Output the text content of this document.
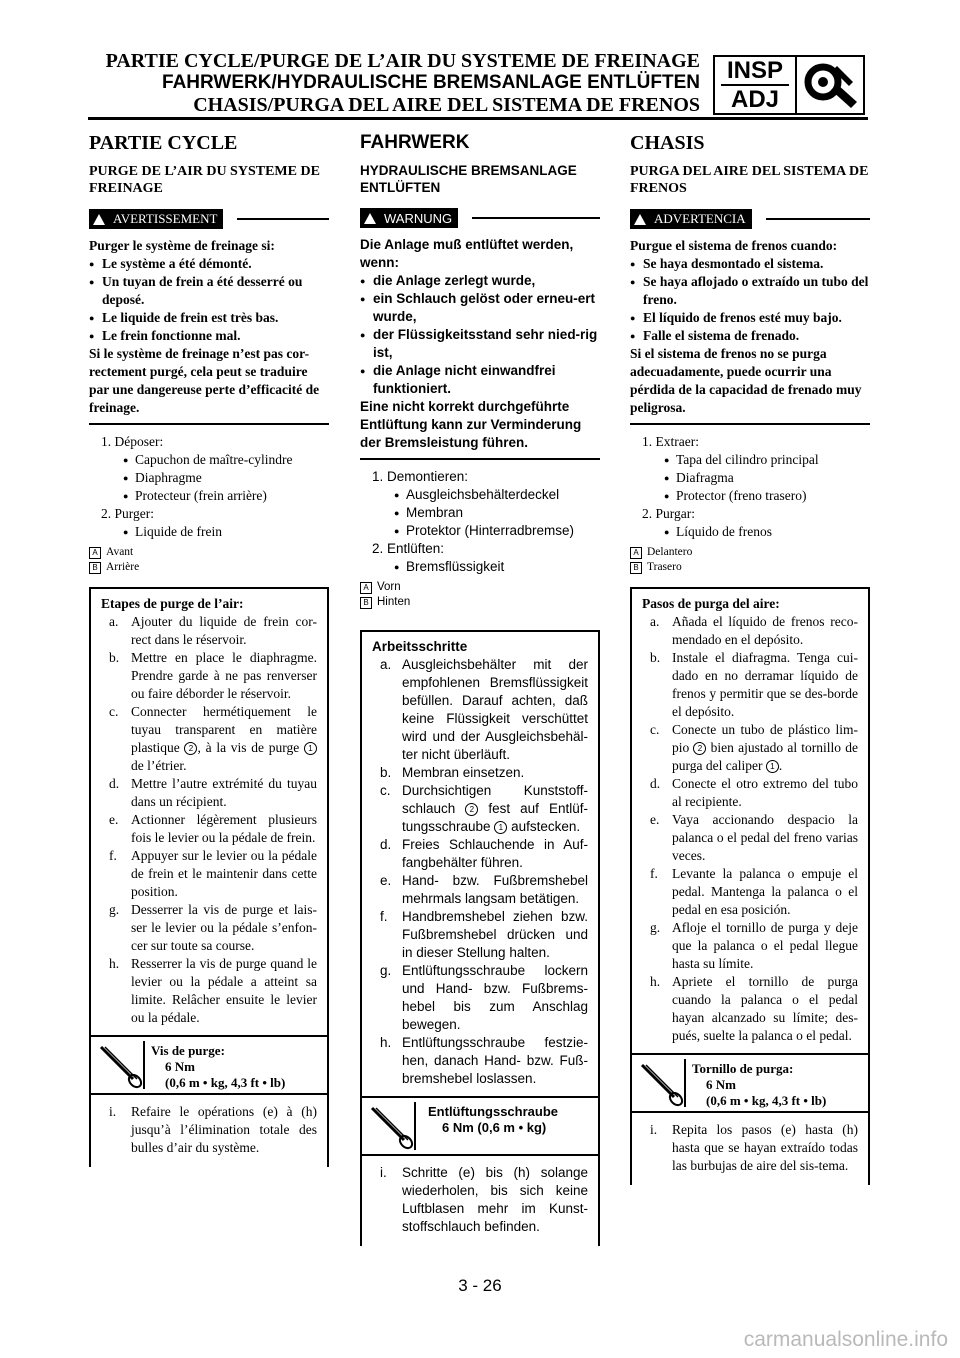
PARTIE CYCLE/PURGE DE L’AIR DU SYSTEME DE FREINAGE
FAHRWERK/HYDRAULISCHE BREMSANLAGE ENTLÜFTEN
CHASIS/PURGA DEL AIRE DEL SISTEMA DE FRENOS
INSP
ADJ
PARTIE CYCLE
PURGE DE L’AIR DU SYSTEME DE FREINAGE
AVERTISSEMENT
Purger le système de freinage si:
● Le système a été démonté.
● Un tuyan de frein a été desserré ou deposé.
● Le liquide de frein est très bas.
● Le frein fonctionne mal.
Si le système de freinage n’est pas cor-rectement purgé, cela peut se traduire par une dangereuse perte d’efficacité de freinage.
1. Déposer:
● Capuchon de maître-cylindre
● Diaphragme
● Protecteur (frein arrière)
2. Purger:
● Liquide de frein
A Avant
B Arrière
Etapes de purge de l’air:
a. Ajouter du liquide de frein cor-rect dans le réservoir.
b. Mettre en place le diaphragme. Prendre garde à ne pas renverser ou faire déborder le réservoir.
c. Connecter hermétiquement le tuyau transparent en matière plastique 2 , à la vis de purge 1 de l’étrier.
d. Mettre l’autre extrémité du tuyau dans un récipient.
e. Actionner légèrement plusieurs fois le levier ou la pédale de frein.
f. Appuyer sur le levier ou la pédale de frein et le maintenir dans cette position.
g. Desserrer la vis de purge et lais-ser le levier ou la pédale s’enfon-cer sur toute sa course.
h. Resserrer la vis de purge quand le levier ou la pédale a atteint sa limite. Relâcher ensuite le levier ou la pédale.
Vis de purge:
6 Nm
(0,6 m • kg, 4,3 ft • lb)
i. Refaire le opérations (e) à (h) jusqu’à l’élimination totale des bulles d’air du système.
FAHRWERK
HYDRAULISCHE BREMSANLAGE ENTLÜFTEN
WARNUNG
Die Anlage muß entlüftet werden, wenn:
● die Anlage zerlegt wurde,
● ein Schlauch gelöst oder erneu-ert wurde,
● der Flüssigkeitsstand sehr nied-rig ist,
● die Anlage nicht einwandfrei funktioniert.
Eine nicht korrekt durchgeführte Entlüftung kann zur Verminderung der Bremsleistung führen.
1. Demontieren:
● Ausgleichsbehälterdeckel
● Membran
● Protektor (Hinterradbremse)
2. Entlüften:
● Bremsflüssigkeit
A Vorn
B Hinten
Arbeitsschritte
a. Ausgleichsbehälter mit der empfohlenen Bremsflüssigkeit befüllen. Darauf achten, daß keine Flüssigkeit verschüttet wird und der Ausgleichsbehäl-ter nicht überläuft.
b. Membran einsetzen.
c. Durchsichtigen Kunststoff-schlauch 2 fest auf Entlüf-tungsschraube 1 aufstecken.
d. Freies Schlauchende in Auf-fangbehälter führen.
e. Hand- bzw. Fußbremshebel mehrmals langsam betätigen.
f. Handbremshebel ziehen bzw. Fußbremshebel drücken und in dieser Stellung halten.
g. Entlüftungsschraube lockern und Hand- bzw. Fußbrems-hebel bis zum Anschlag bewegen.
h. Entlüftungsschraube festzie-hen, danach Hand- bzw. Fuß-bremshebel loslassen.
Entlüftungsschraube
6 Nm (0,6 m • kg)
i. Schritte (e) bis (h) solange wiederholen, bis sich keine Luftblasen mehr im Kunst-stoffschlauch befinden.
CHASIS
PURGA DEL AIRE DEL SISTEMA DE FRENOS
ADVERTENCIA
Purgue el sistema de frenos cuando:
● Se haya desmontado el sistema.
● Se haya aflojado o extraído un tubo del freno.
● El líquido de frenos esté muy bajo.
● Falle el sistema de frenado.
Si el sistema de frenos no se purga adecuadamente, puede ocurrir una pérdida de la capacidad de frenado muy peligrosa.
1. Extraer:
● Tapa del cilindro principal
● Diafragma
● Protector (freno trasero)
2. Purgar:
● Líquido de frenos
A Delantero
B Trasero
Pasos de purga del aire:
a. Añada el líquido de frenos reco-mendado en el depósito.
b. Instale el diafragma. Tenga cui-dado en no derramar líquido de frenos y permitir que se des-borde el depósito.
c. Conecte un tubo de plástico lim-pio 2 bien ajustado al tornillo de purga del caliper 1 .
d. Conecte el otro extremo del tubo al recipiente.
e. Vaya accionando despacio la palanca o el pedal del freno varias veces.
f. Levante la palanca o empuje el pedal. Mantenga la palanca o el pedal en esa posición.
g. Afloje el tornillo de purga y deje que la palanca o el pedal llegue hasta su límite.
h. Apriete el tornillo de purga cuando la palanca o el pedal hayan alcanzado su límite; des-pués, suelte la palanca o el pedal.
Tornillo de purga:
6 Nm
(0,6 m • kg, 4,3 ft • lb)
i. Repita los pasos (e) hasta (h) hasta que se hayan extraído todas las burbujas de aire del sis-tema.
3 - 26
carmanualsonline.info
